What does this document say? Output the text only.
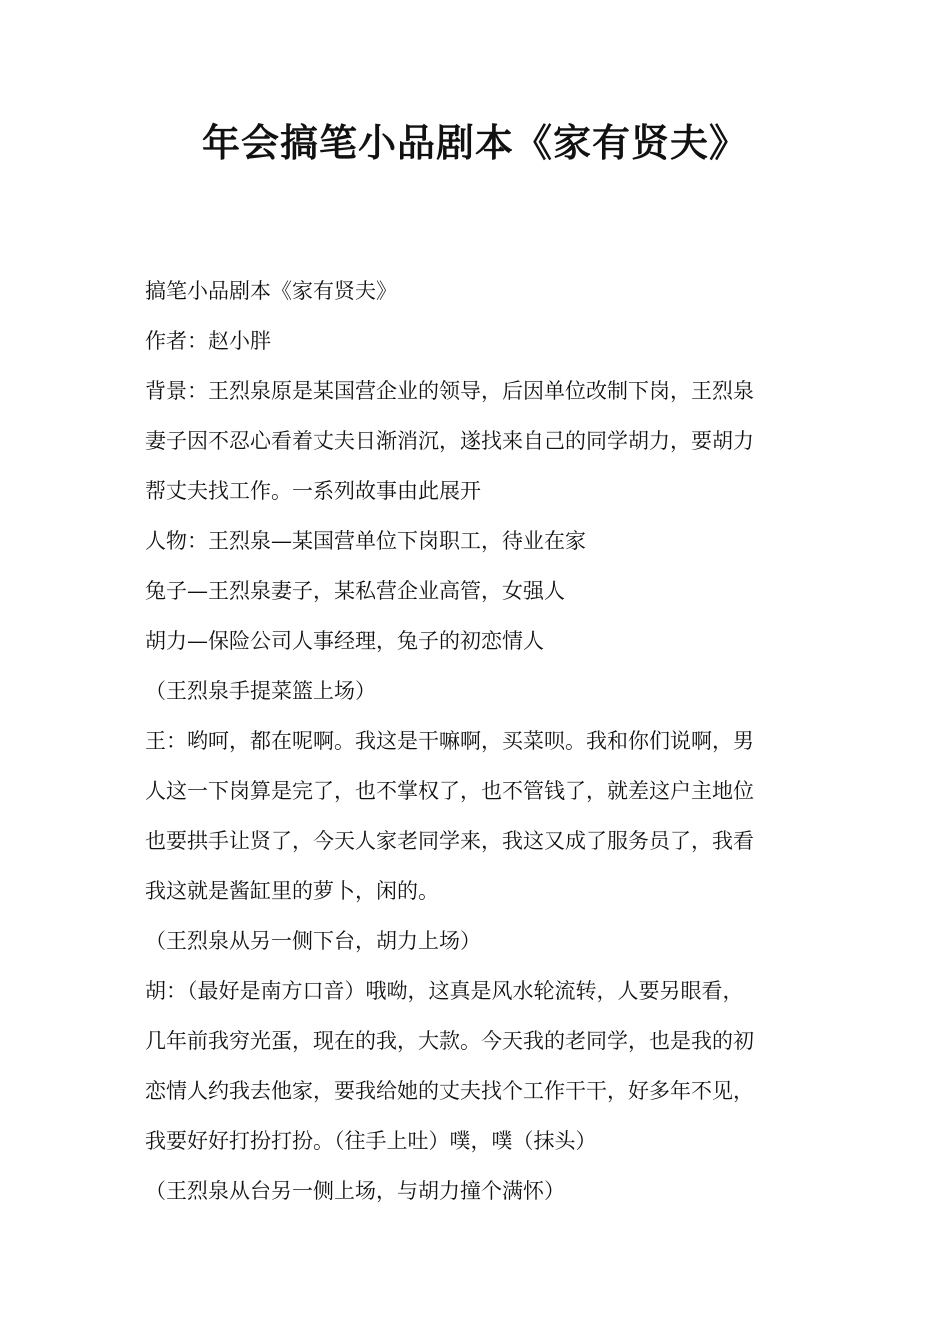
年会搞笔小品剧本《家有贤夫》

搞笔小品剧本《家有贤夫》

作者：赵小胖

背景：王烈泉原是某国营企业的领导，后因单位改制下岗，王烈泉

妻子因不忍心看着丈夫日渐消沉，遂找来自己的同学胡力，要胡力

帮丈夫找工作。一系列故事由此展开

人物：王烈泉—某国营单位下岗职工，待业在家

兔子—王烈泉妻子，某私营企业高管，女强人

胡力—保险公司人事经理，兔子的初恋情人

（王烈泉手提菜篮上场）

王：哟呵，都在呢啊。我这是干嘛啊，买菜呗。我和你们说啊，男

人这一下岗算是完了，也不掌权了，也不管钱了，就差这户主地位

也要拱手让贤了，今天人家老同学来，我这又成了服务员了，我看

我这就是酱缸里的萝卜，闲的。

（王烈泉从另一侧下台，胡力上场）

胡：（最好是南方口音）哦呦，这真是风水轮流转，人要另眼看，

几年前我穷光蛋，现在的我，大款。今天我的老同学，也是我的初

恋情人约我去他家，要我给她的丈夫找个工作干干，好多年不见，

我要好好打扮打扮。（往手上吐）噗，噗（抹头）

（王烈泉从台另一侧上场，与胡力撞个满怀）
